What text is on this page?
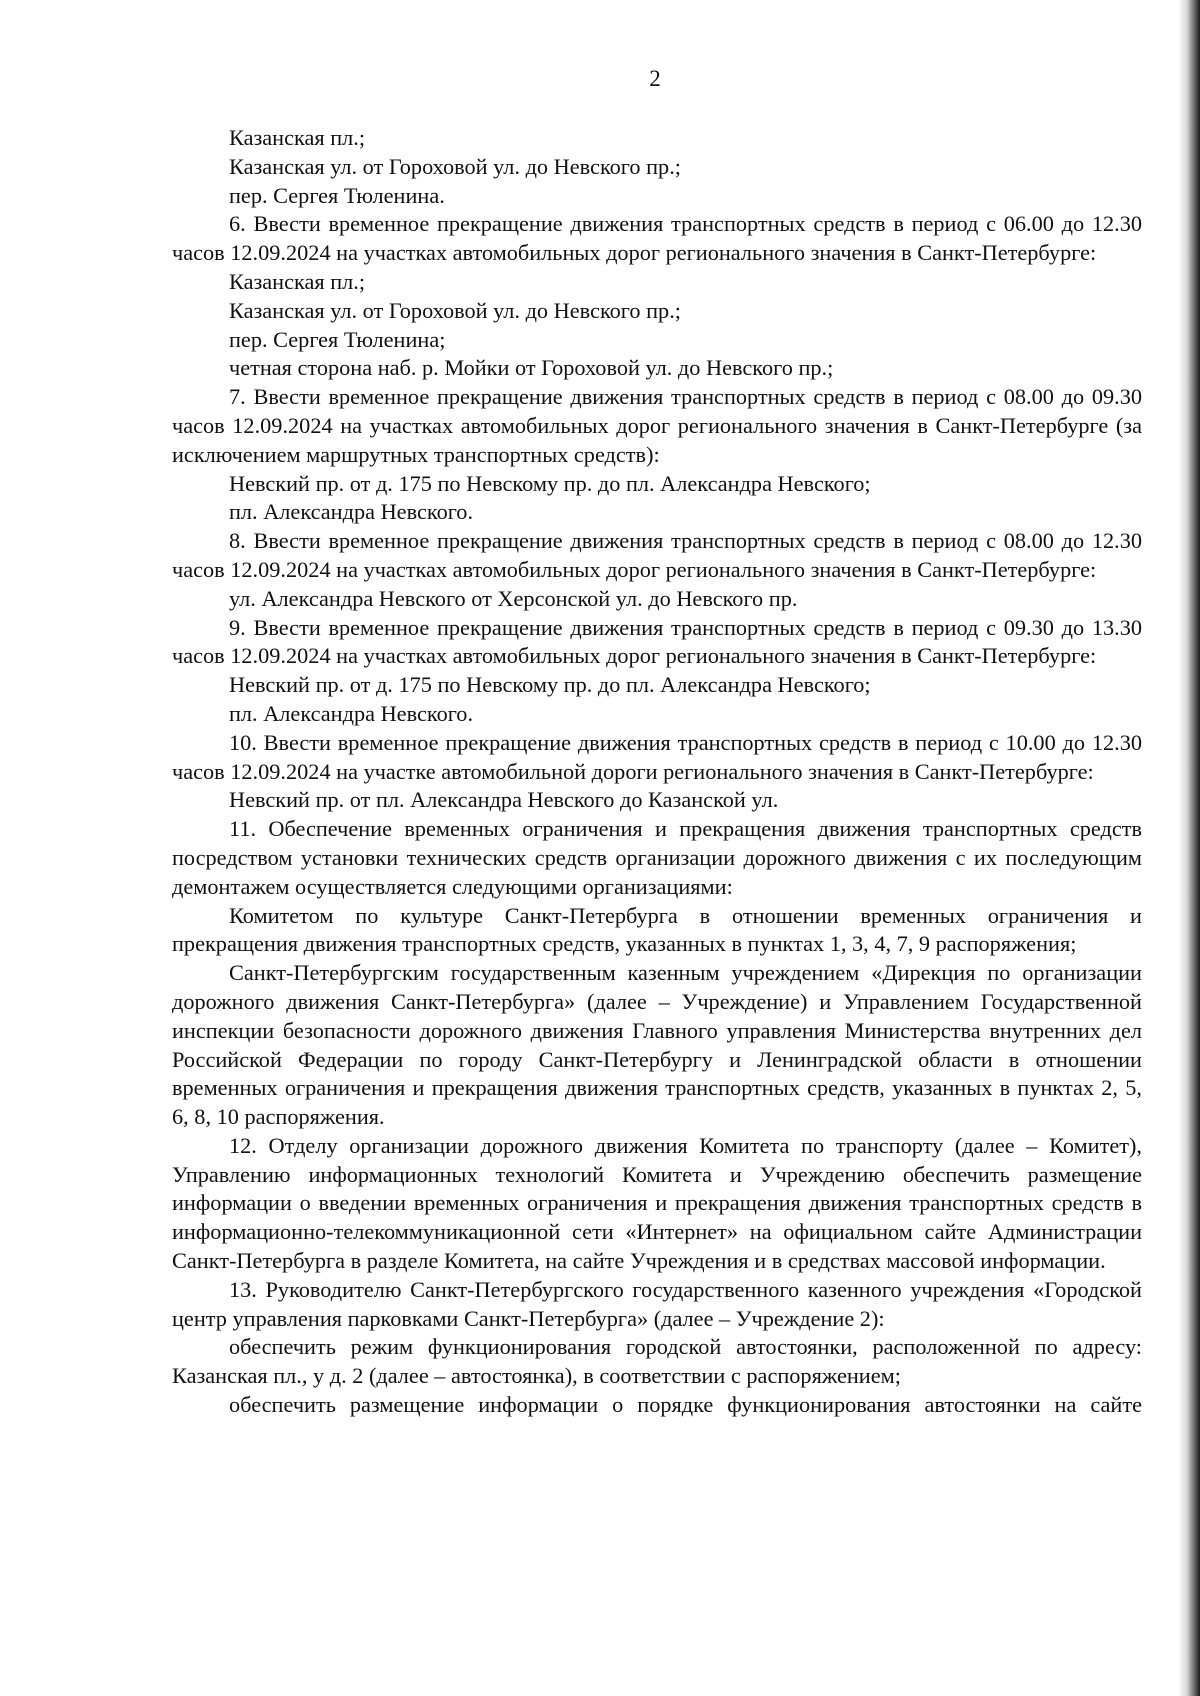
2
Казанская пл.;
Казанская ул. от Гороховой ул. до Невского пр.;
пер. Сергея Тюленина.
6. Ввести временное прекращение движения транспортных средств в период с 06.00 до 12.30 часов 12.09.2024 на участках автомобильных дорог регионального значения в Санкт-Петербурге:
Казанская пл.;
Казанская ул. от Гороховой ул. до Невского пр.;
пер. Сергея Тюленина;
четная сторона наб. р. Мойки от Гороховой ул. до Невского пр.;
7. Ввести временное прекращение движения транспортных средств в период с 08.00 до 09.30 часов 12.09.2024 на участках автомобильных дорог регионального значения в Санкт-Петербурге (за исключением маршрутных транспортных средств):
Невский пр. от д. 175 по Невскому пр. до пл. Александра Невского;
пл. Александра Невского.
8. Ввести временное прекращение движения транспортных средств в период с 08.00 до 12.30 часов 12.09.2024 на участках автомобильных дорог регионального значения в Санкт-Петербурге:
ул. Александра Невского от Херсонской ул. до Невского пр.
9. Ввести временное прекращение движения транспортных средств в период с 09.30 до 13.30 часов 12.09.2024 на участках автомобильных дорог регионального значения в Санкт-Петербурге:
Невский пр. от д. 175 по Невскому пр. до пл. Александра Невского;
пл. Александра Невского.
10. Ввести временное прекращение движения транспортных средств в период с 10.00 до 12.30 часов 12.09.2024 на участке автомобильной дороги регионального значения в Санкт-Петербурге:
Невский пр. от пл. Александра Невского до Казанской ул.
11. Обеспечение временных ограничения и прекращения движения транспортных средств посредством установки технических средств организации дорожного движения с их последующим демонтажем осуществляется следующими организациями:
Комитетом по культуре Санкт-Петербурга в отношении временных ограничения и прекращения движения транспортных средств, указанных в пунктах 1, 3, 4, 7, 9 распоряжения;
Санкт-Петербургским государственным казенным учреждением «Дирекция по организации дорожного движения Санкт-Петербурга» (далее – Учреждение) и Управлением Государственной инспекции безопасности дорожного движения Главного управления Министерства внутренних дел Российской Федерации по городу Санкт-Петербургу и Ленинградской области в отношении временных ограничения и прекращения движения транспортных средств, указанных в пунктах 2, 5, 6, 8, 10 распоряжения.
12. Отделу организации дорожного движения Комитета по транспорту (далее – Комитет), Управлению информационных технологий Комитета и Учреждению обеспечить размещение информации о введении временных ограничения и прекращения движения транспортных средств в информационно-телекоммуникационной сети «Интернет» на официальном сайте Администрации Санкт-Петербурга в разделе Комитета, на сайте Учреждения и в средствах массовой информации.
13. Руководителю Санкт-Петербургского государственного казенного учреждения «Городской центр управления парковками Санкт-Петербурга» (далее – Учреждение 2):
обеспечить режим функционирования городской автостоянки, расположенной по адресу: Казанская пл., у д. 2 (далее – автостоянка), в соответствии с распоряжением;
обеспечить размещение информации о порядке функционирования автостоянки на сайте
